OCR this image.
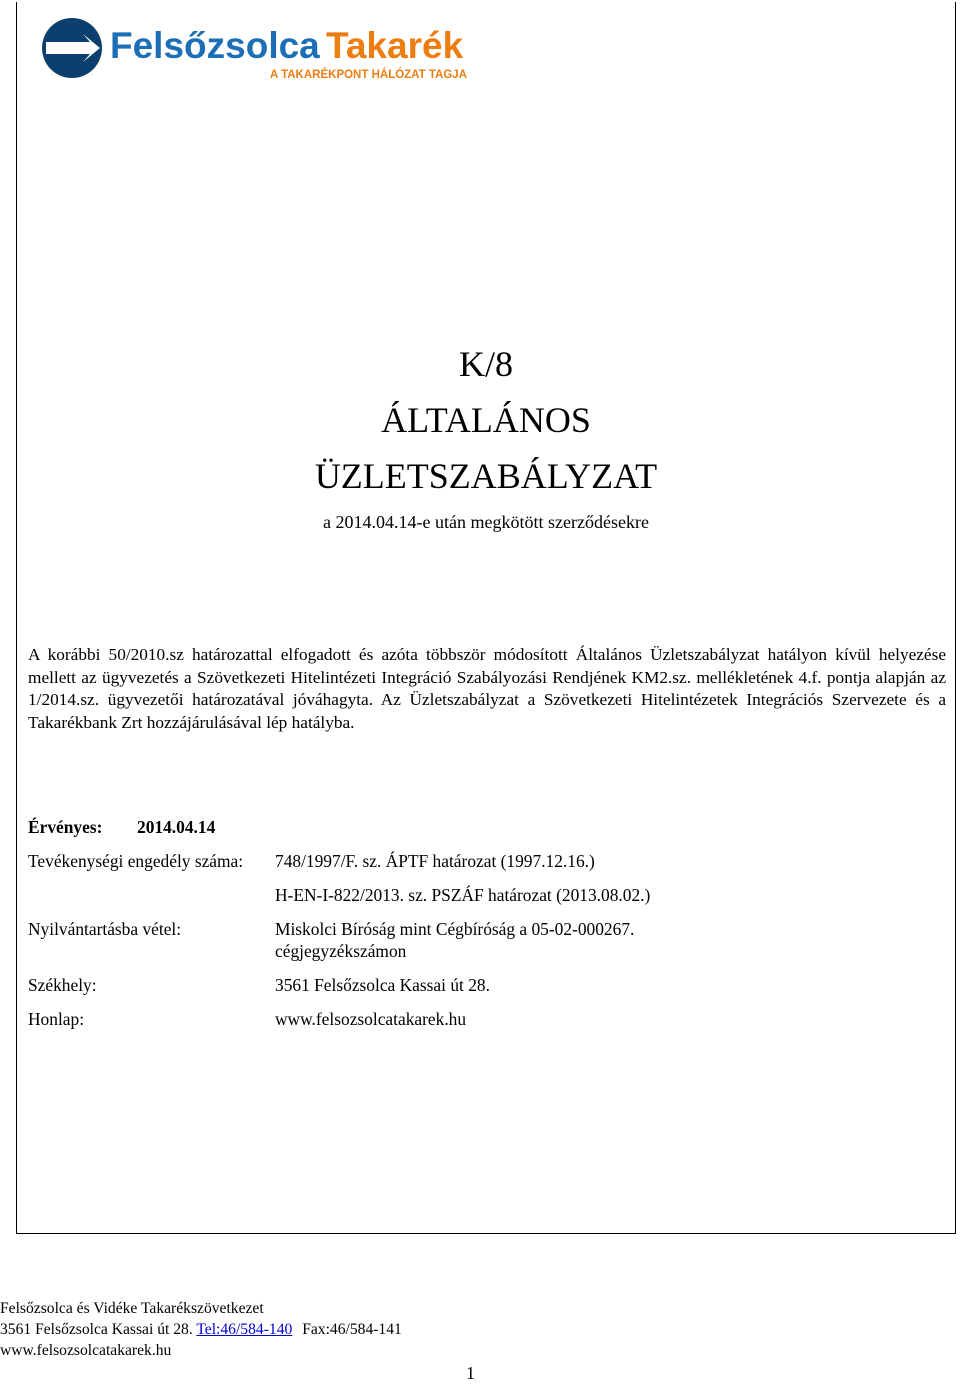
Felsőzsolca Takarék
A TAKARÉKPONT HÁLÓZAT TAGJA
K/8
ÁLTALÁNOS
ÜZLETSZABÁLYZAT
a 2014.04.14-e után megkötött szerződésekre
A korábbi 50/2010.sz határozattal elfogadott és azóta többször módosított Általános Üzletszabályzat hatályon kívül helyezése mellett az ügyvezetés a Szövetkezeti Hitelintézeti Integráció Szabályozási Rendjének KM2.sz. mellékletének 4.f. pontja alapján az 1/2014.sz. ügyvezetői határozatával jóváhagyta. Az Üzletszabályzat a Szövetkezeti Hitelintézetek Integrációs Szervezete és a Takarékbank Zrt hozzájárulásával lép hatályba.
Érvényes: 2014.04.14
Tevékenységi engedély száma: 748/1997/F. sz. ÁPTF határozat (1997.12.16.)
H-EN-I-822/2013. sz. PSZÁF határozat (2013.08.02.)
Nyilvántartásba vétel:	Miskolci Bíróság mint Cégbíróság a 05-02-000267.
cégjegyzékszámon
Székhely:	3561 Felsőzsolca Kassai út 28.
Honlap:	www.felsozsolcatakarek.hu
Felsőzsolca és Vidéke Takarékszövetkezet
3561 Felsőzsolca Kassai út 28. Tel:46/584-140 Fax:46/584-141
www.felsozsolcatakarek.hu
1
